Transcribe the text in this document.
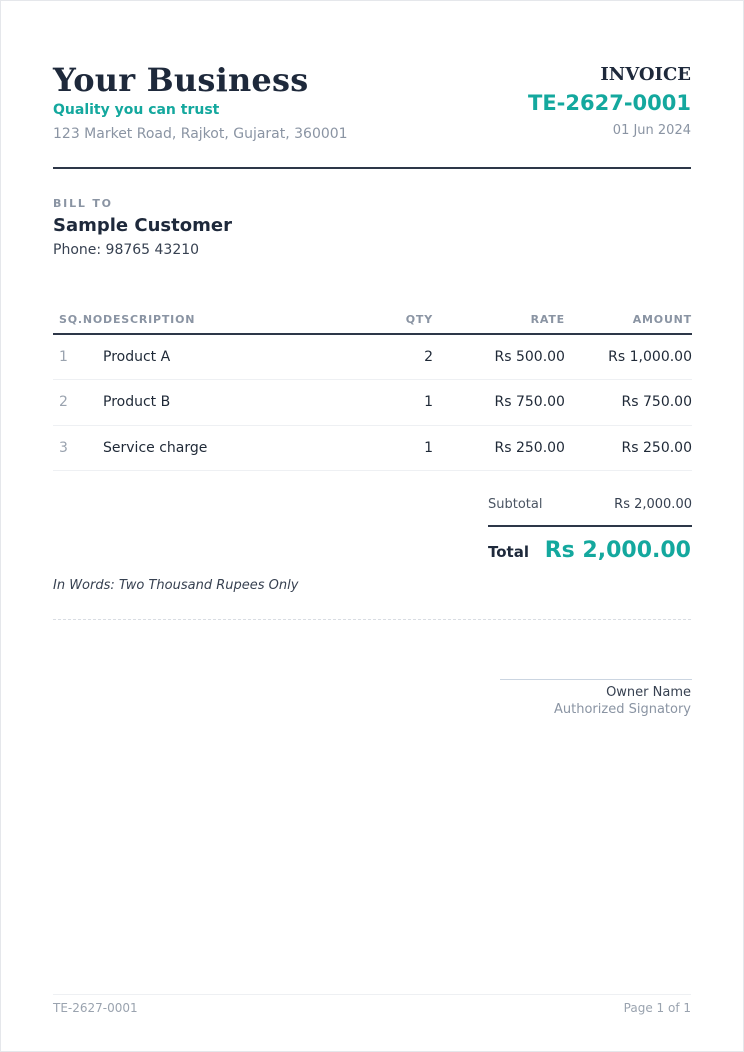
Your Business
Quality you can trust
123 Market Road, Rajkot, Gujarat, 360001
INVOICE
TE-2627-0001
01 Jun 2024
BILL TO
Sample Customer
Phone: 98765 43210
SQ.NO	DESCRIPTION	QTY	RATE	AMOUNT
1	Product A	2	Rs 500.00	Rs 1,000.00
2	Product B	1	Rs 750.00	Rs 750.00
3	Service charge	1	Rs 250.00	Rs 250.00
Subtotal	Rs 2,000.00
Total Rs 2,000.00
In Words: Two Thousand Rupees Only
Owner Name
Authorized Signatory
TE-2627-0001	Page 1 of 1
